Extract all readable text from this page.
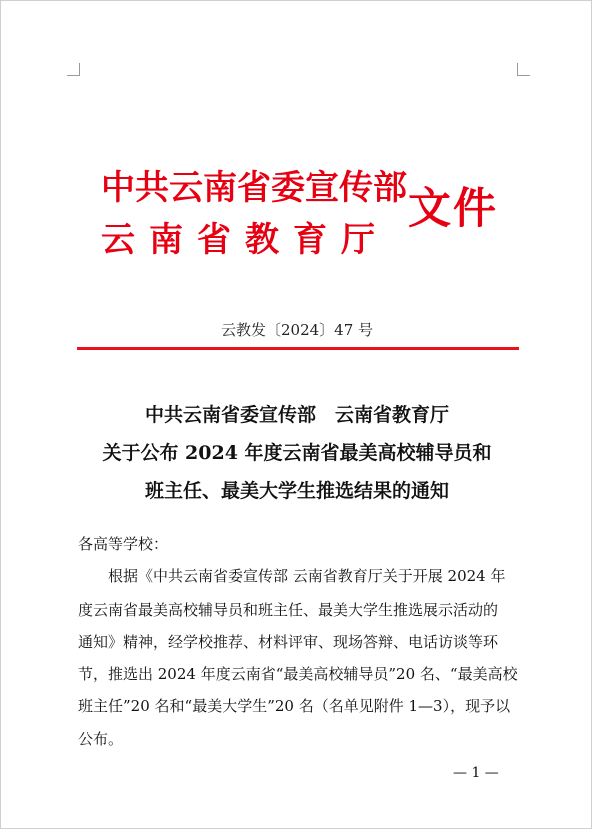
中共云南省委宣传部
云南省教育厅
文件
云教发〔2024〕47 号
中共云南省委宣传部　云南省教育厅
关于公布 2024 年度云南省最美高校辅导员和
班主任、最美大学生推选结果的通知
各高等学校：
根据《中共云南省委宣传部 云南省教育厅关于开展 2024 年
度云南省最美高校辅导员和班主任、最美大学生推选展示活动的
通知》精神，经学校推荐、材料评审、现场答辩、电话访谈等环
节，推选出 2024 年度云南省“最美高校辅导员”20 名、“最美高校
班主任”20 名和“最美大学生”20 名（名单见附件 1—3），现予以
公布。
— 1 —
